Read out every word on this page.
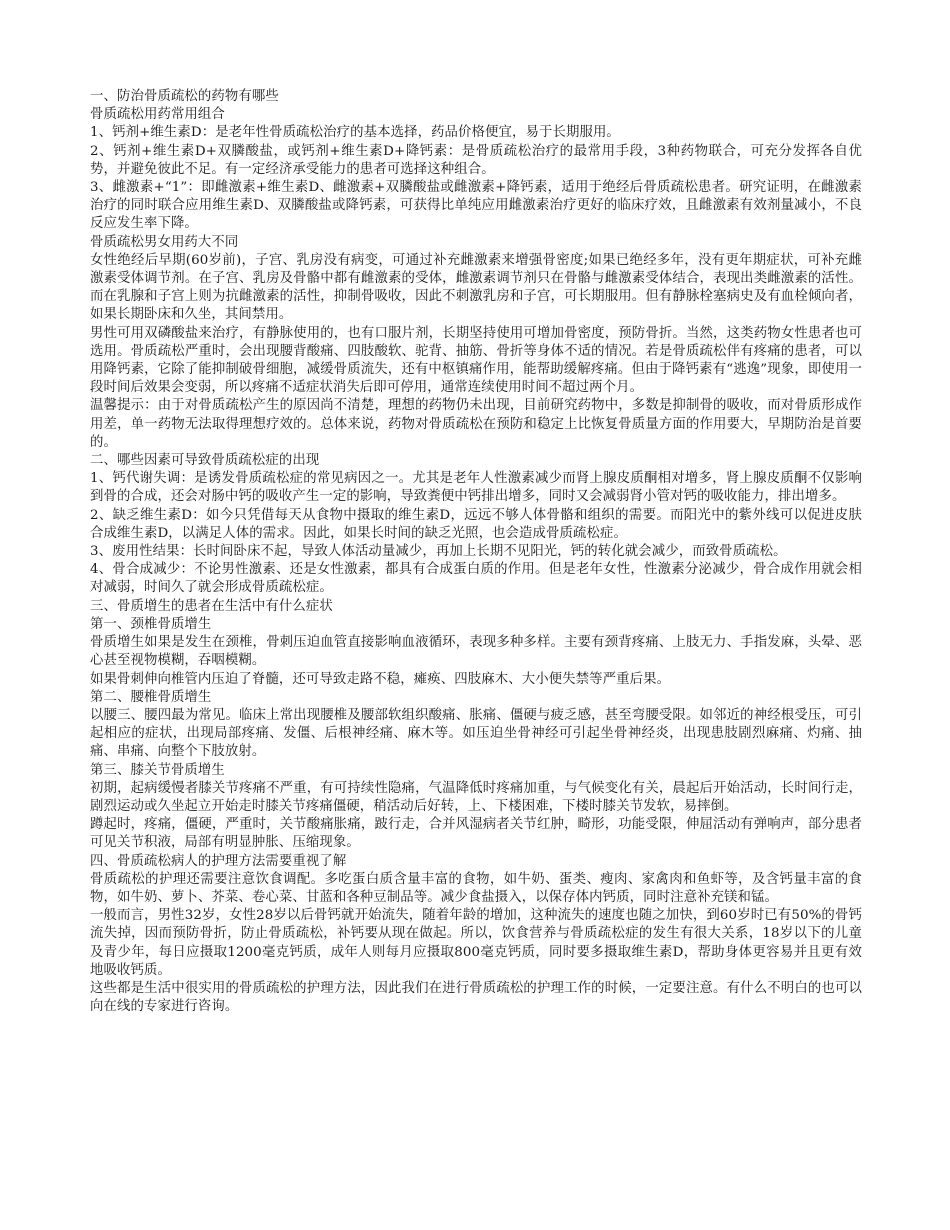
一、防治骨质疏松的药物有哪些

骨质疏松用药常用组合

1、钙剂+维生素D：是老年性骨质疏松治疗的基本选择，药品价格便宜，易于长期服用。

2、钙剂+维生素D+双膦酸盐，或钙剂+维生素D+降钙素：是骨质疏松治疗的最常用手段，3种药物联合，可充分发挥各自优势，并避免彼此不足。有一定经济承受能力的患者可选择这种组合。

3、雌激素+“1”：即雌激素+维生素D、雌激素+双膦酸盐或雌激素+降钙素，适用于绝经后骨质疏松患者。研究证明，在雌激素治疗的同时联合应用维生素D、双膦酸盐或降钙素，可获得比单纯应用雌激素治疗更好的临床疗效，且雌激素有效剂量减小，不良反应发生率下降。

骨质疏松男女用药大不同

女性绝经后早期(60岁前)，子宫、乳房没有病变，可通过补充雌激素来增强骨密度;如果已绝经多年，没有更年期症状，可补充雌激素受体调节剂。在子宫、乳房及骨骼中都有雌激素的受体，雌激素调节剂只在骨骼与雌激素受体结合，表现出类雌激素的活性。而在乳腺和子宫上则为抗雌激素的活性，抑制骨吸收，因此不刺激乳房和子宫，可长期服用。但有静脉栓塞病史及有血栓倾向者，如果长期卧床和久坐，其间禁用。

男性可用双磷酸盐来治疗，有静脉使用的，也有口服片剂，长期坚持使用可增加骨密度，预防骨折。当然，这类药物女性患者也可选用。骨质疏松严重时，会出现腰背酸痛、四肢酸软、驼背、抽筋、骨折等身体不适的情况。若是骨质疏松伴有疼痛的患者，可以用降钙素，它除了能抑制破骨细胞，减缓骨质流失，还有中枢镇痛作用，能帮助缓解疼痛。但由于降钙素有“逃逸”现象，即使用一段时间后效果会变弱，所以疼痛不适症状消失后即可停用，通常连续使用时间不超过两个月。

温馨提示：由于对骨质疏松产生的原因尚不清楚，理想的药物仍未出现，目前研究药物中，多数是抑制骨的吸收，而对骨质形成作用差，单一药物无法取得理想疗效的。总体来说，药物对骨质疏松在预防和稳定上比恢复骨质量方面的作用要大，早期防治是首要的。

二、哪些因素可导致骨质疏松症的出现

1、钙代谢失调：是诱发骨质疏松症的常见病因之一。尤其是老年人性激素减少而肾上腺皮质酮相对增多，肾上腺皮质酮不仅影响到骨的合成，还会对肠中钙的吸收产生一定的影响，导致粪便中钙排出增多，同时又会减弱肾小管对钙的吸收能力，排出增多。

2、缺乏维生素D：如今只凭借每天从食物中摄取的维生素D，远远不够人体骨骼和组织的需要。而阳光中的紫外线可以促进皮肤合成维生素D，以满足人体的需求。因此，如果长时间的缺乏光照，也会造成骨质疏松症。

3、废用性结果：长时间卧床不起，导致人体活动量减少，再加上长期不见阳光，钙的转化就会减少，而致骨质疏松。

4、骨合成减少：不论男性激素、还是女性激素，都具有合成蛋白质的作用。但是老年女性，性激素分泌减少，骨合成作用就会相对减弱，时间久了就会形成骨质疏松症。

三、骨质增生的患者在生活中有什么症状

第一、颈椎骨质增生

骨质增生如果是发生在颈椎，骨刺压迫血管直接影响血液循环，表现多种多样。主要有颈背疼痛、上肢无力、手指发麻，头晕、恶心甚至视物模糊，吞咽模糊。

如果骨刺伸向椎管内压迫了脊髓，还可导致走路不稳，瘫痪、四肢麻木、大小便失禁等严重后果。

第二、腰椎骨质增生

以腰三、腰四最为常见。临床上常出现腰椎及腰部软组织酸痛、胀痛、僵硬与疲乏感，甚至弯腰受限。如邻近的神经根受压，可引起相应的症状，出现局部疼痛、发僵、后根神经痛、麻木等。如压迫坐骨神经可引起坐骨神经炎，出现患肢剧烈麻痛、灼痛、抽痛、串痛、向整个下肢放射。

第三、膝关节骨质增生

初期，起病缓慢者膝关节疼痛不严重，有可持续性隐痛，气温降低时疼痛加重，与气候变化有关，晨起后开始活动，长时间行走，剧烈运动或久坐起立开始走时膝关节疼痛僵硬，稍活动后好转，上、下楼困难，下楼时膝关节发软，易摔倒。

蹲起时，疼痛，僵硬，严重时，关节酸痛胀痛，跛行走，合并风湿病者关节红肿，畸形，功能受限，伸屈活动有弹响声，部分患者可见关节积液，局部有明显肿胀、压缩现象。

四、骨质疏松病人的护理方法需要重视了解

骨质疏松的护理还需要注意饮食调配。多吃蛋白质含量丰富的食物，如牛奶、蛋类、瘦肉、家禽肉和鱼虾等，及含钙量丰富的食物，如牛奶、萝卜、芥菜、卷心菜、甘蓝和各种豆制品等。减少食盐摄入，以保存体内钙质，同时注意补充镁和锰。

一般而言，男性32岁，女性28岁以后骨钙就开始流失，随着年龄的增加，这种流失的速度也随之加快，到60岁时已有50%的骨钙流失掉，因而预防骨折，防止骨质疏松，补钙要从现在做起。所以，饮食营养与骨质疏松症的发生有很大关系，18岁以下的儿童及青少年，每日应摄取1200毫克钙质，成年人则每月应摄取800毫克钙质，同时要多摄取维生素D，帮助身体更容易并且更有效地吸收钙质。

这些都是生活中很实用的骨质疏松的护理方法，因此我们在进行骨质疏松的护理工作的时候，一定要注意。有什么不明白的也可以向在线的专家进行咨询。
